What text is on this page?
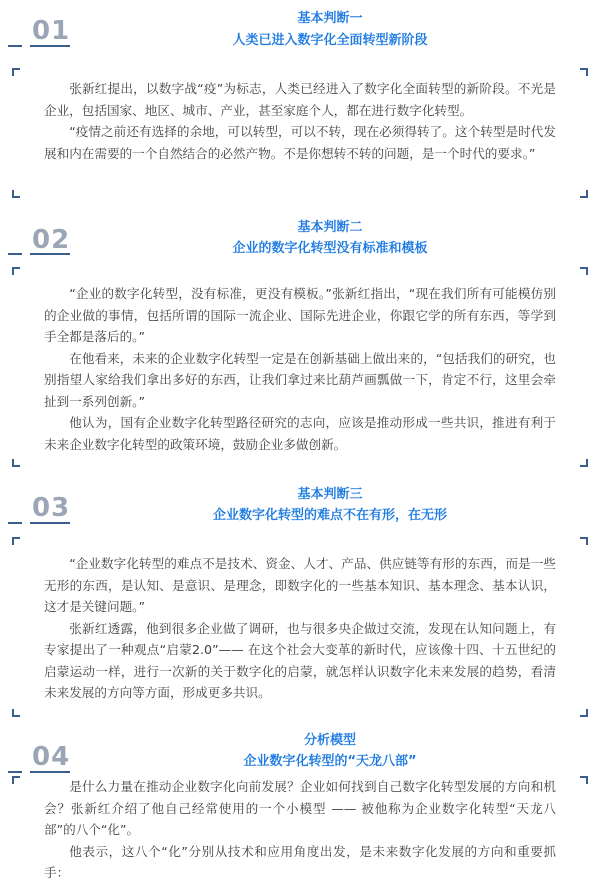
01	基本判断一
人类已进入数字化全面转型新阶段

张新红提出，以数字战“疫”为标志，人类已经进入了数字化全面转型的新阶段。不光是企业，包括国家、地区、城市、产业，甚至家庭个人，都在进行数字化转型。

“疫情之前还有选择的余地，可以转型，可以不转，现在必须得转了。这个转型是时代发展和内在需要的一个自然结合的必然产物。不是你想转不转的问题，是一个时代的要求。”

02	基本判断二
企业的数字化转型没有标准和模板

“企业的数字化转型，没有标准，更没有模板。”张新红指出，“现在我们所有可能模仿别的企业做的事情，包括所谓的国际一流企业、国际先进企业，你跟它学的所有东西，等学到手全都是落后的。”

在他看来，未来的企业数字化转型一定是在创新基础上做出来的，“包括我们的研究，也别指望人家给我们拿出多好的东西，让我们拿过来比葫芦画瓢做一下，肯定不行，这里会牵扯到一系列创新。”

他认为，国有企业数字化转型路径研究的志向，应该是推动形成一些共识，推进有利于未来企业数字化转型的政策环境，鼓励企业多做创新。

03	基本判断三
企业数字化转型的难点不在有形，在无形

“企业数字化转型的难点不是技术、资金、人才、产品、供应链等有形的东西，而是一些无形的东西，是认知、是意识、是理念，即数字化的一些基本知识、基本理念、基本认识，这才是关键问题。”

张新红透露，他到很多企业做了调研，也与很多央企做过交流，发现在认知问题上，有专家提出了一种观点“启蒙2.0”—— 在这个社会大变革的新时代，应该像十四、十五世纪的启蒙运动一样，进行一次新的关于数字化的启蒙，就怎样认识数字化未来发展的趋势，看清未来发展的方向等方面，形成更多共识。

04
分析模型
企业数字化转型的“天龙八部”

是什么力量在推动企业数字化向前发展？企业如何找到自己数字化转型发展的方向和机会？张新红介绍了他自己经常使用的一个小模型 —— 被他称为企业数字化转型“天龙八部”的八个“化”。

他表示，这八个“化”分别从技术和应用角度出发，是未来数字化发展的方向和重要抓手：
